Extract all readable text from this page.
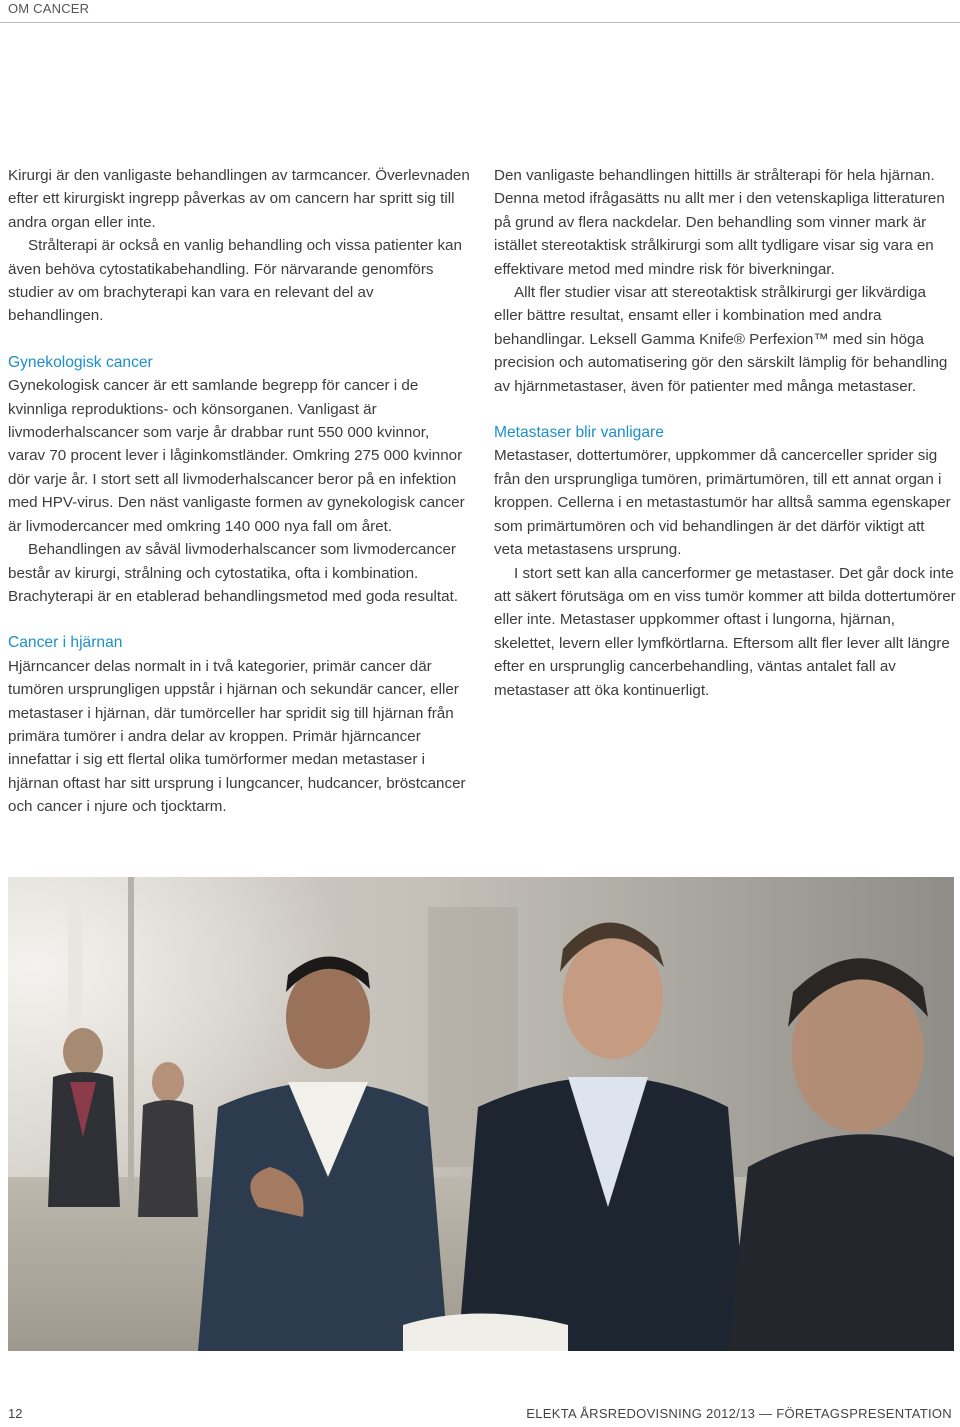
OM CANCER

Kirurgi är den vanligaste behandlingen av tarmcancer. Överlevnaden efter ett kirurgiskt ingrepp påverkas av om cancern har spritt sig till andra organ eller inte.

Strålterapi är också en vanlig behandling och vissa patienter kan även behöva cytostatikabehandling. För närvarande genomförs studier av om brachyterapi kan vara en relevant del av behandlingen.

Gynekologisk cancer

Gynekologisk cancer är ett samlande begrepp för cancer i de kvinnliga reproduktions- och könsorganen. Vanligast är livmoderhalscancer som varje år drabbar runt 550 000 kvinnor, varav 70 procent lever i låginkomstländer. Omkring 275 000 kvinnor dör varje år. I stort sett all livmoderhalscancer beror på en infektion med HPV-virus. Den näst vanligaste formen av gynekologisk cancer är livmodercancer med omkring 140 000 nya fall om året.

Behandlingen av såväl livmoderhalscancer som livmodercancer består av kirurgi, strålning och cytostatika, ofta i kombination. Brachyterapi är en etablerad behandlingsmetod med goda resultat.

Cancer i hjärnan

Hjärncancer delas normalt in i två kategorier, primär cancer där tumören ursprungligen uppstår i hjärnan och sekundär cancer, eller metastaser i hjärnan, där tumörceller har spridit sig till hjärnan från primära tumörer i andra delar av kroppen. Primär hjärncancer innefattar i sig ett flertal olika tumörformer medan metastaser i hjärnan oftast har sitt ursprung i lungcancer, hudcancer, bröstcancer och cancer i njure och tjocktarm.

Den vanligaste behandlingen hittills är strålterapi för hela hjärnan. Denna metod ifrågasätts nu allt mer i den vetenskapliga litteraturen på grund av flera nackdelar. Den behandling som vinner mark är istället stereotaktisk strålkirurgi som allt tydligare visar sig vara en effektivare metod med mindre risk för biverkningar.

Allt fler studier visar att stereotaktisk strålkirurgi ger likvärdiga eller bättre resultat, ensamt eller i kombination med andra behandlingar. Leksell Gamma Knife® Perfexion™ med sin höga precision och automatisering gör den särskilt lämplig för behandling av hjärnmetastaser, även för patienter med många metastaser.

Metastaser blir vanligare

Metastaser, dottertumörer, uppkommer då cancerceller sprider sig från den ursprungliga tumören, primärtumören, till ett annat organ i kroppen. Cellerna i en metastastumör har alltså samma egenskaper som primärtumören och vid behandlingen är det därför viktigt att veta metastasens ursprung.

I stort sett kan alla cancerformer ge metastaser. Det går dock inte att säkert förutsäga om en viss tumör kommer att bilda dottertumörer eller inte. Metastaser uppkommer oftast i lungorna, hjärnan, skelettet, levern eller lymfkörtlarna. Eftersom allt fler lever allt längre efter en ursprunglig cancerbehandling, väntas antalet fall av metastaser att öka kontinuerligt.

12	ELEKTA ÅRSREDOVISNING 2012/13 — FÖRETAGSPRESENTATION
